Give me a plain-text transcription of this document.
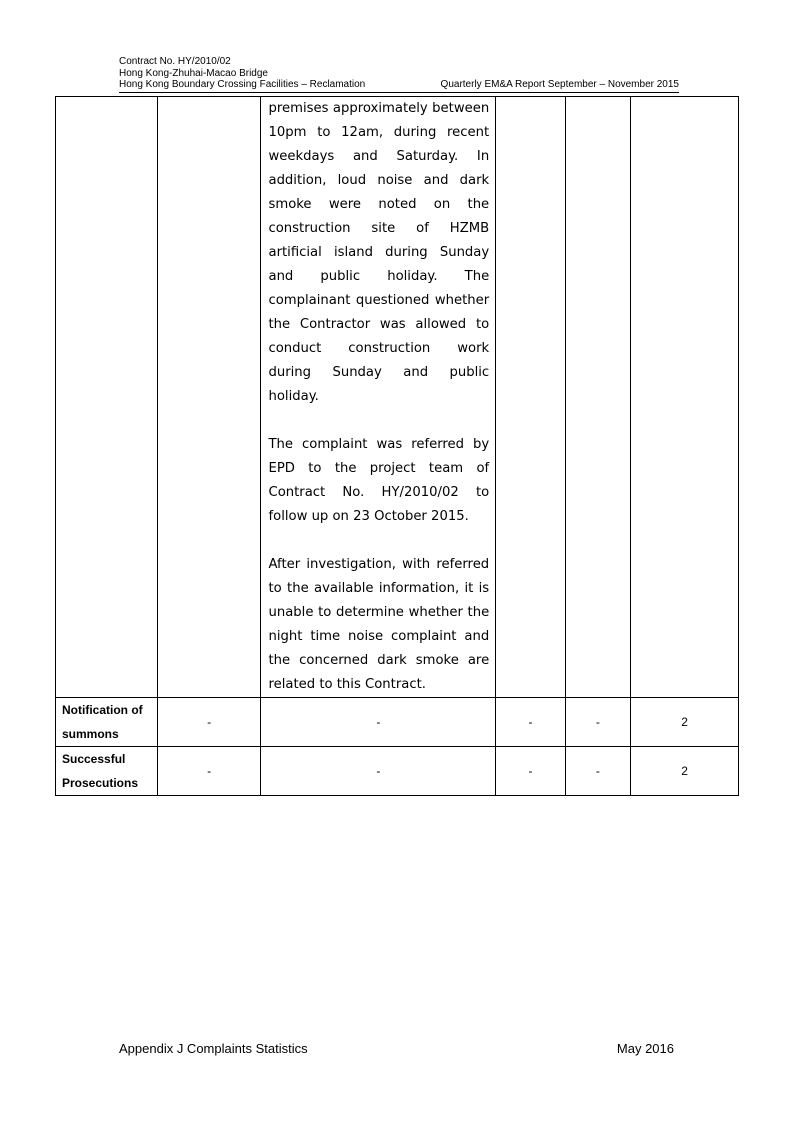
Contract No. HY/2010/02
Hong Kong-Zhuhai-Macao Bridge
Hong Kong Boundary Crossing Facilities – Reclamation	Quarterly EM&A Report September – November 2015

		premises approximately between 10pm to 12am, during recent weekdays and Saturday. In addition, loud noise and dark smoke were noted on the construction site of HZMB artificial island during Sunday and public holiday. The complainant questioned whether the Contractor was allowed to conduct construction work during Sunday and public holiday.

The complaint was referred by EPD to the project team of Contract No. HY/2010/02 to follow up on 23 October 2015.

After investigation, with referred to the available information, it is unable to determine whether the night time noise complaint and the concerned dark smoke are related to this Contract.			

Notification of summons	-	-	-	-	2
Successful Prosecutions	-	-	-	-	2
Appendix J Complaints Statistics	May 2016
